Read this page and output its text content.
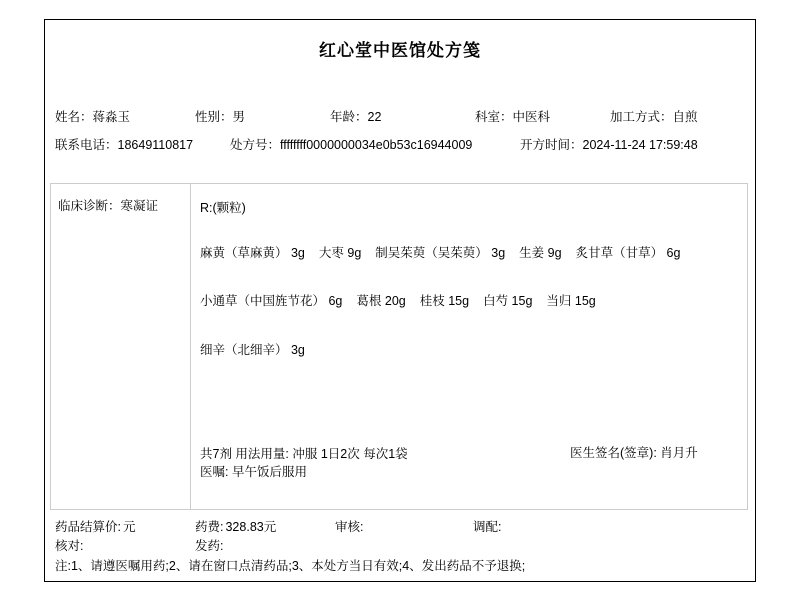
红心堂中医馆处方笺
姓名：蒋淼玉	性别：男	年龄：22	科室：中医科	加工方式：自煎
联系电话：18649110817	处方号：ffffffff0000000034e0b53c16944009	开方时间：2024-11-24 17:59:48
临床诊断：寒凝证	R:(颗粒)
麻黄（草麻黄） 3g 大枣 9g 制吴茱萸（吴茱萸） 3g 生姜 9g 炙甘草（甘草） 6g
小通草（中国旌节花） 6g 葛根 20g 桂枝 15g 白芍 15g 当归 15g
细辛（北细辛） 3g
共7剂 用法用量: 冲服 1日2次 每次1袋
医嘱: 早午饭后服用
医生签名(签章): 肖月升
药品结算价: 元	药费: 328.83元	审核:	调配:
核对:	发药:
注:1、请遵医嘱用药;2、请在窗口点清药品;3、本处方当日有效;4、发出药品不予退换;
